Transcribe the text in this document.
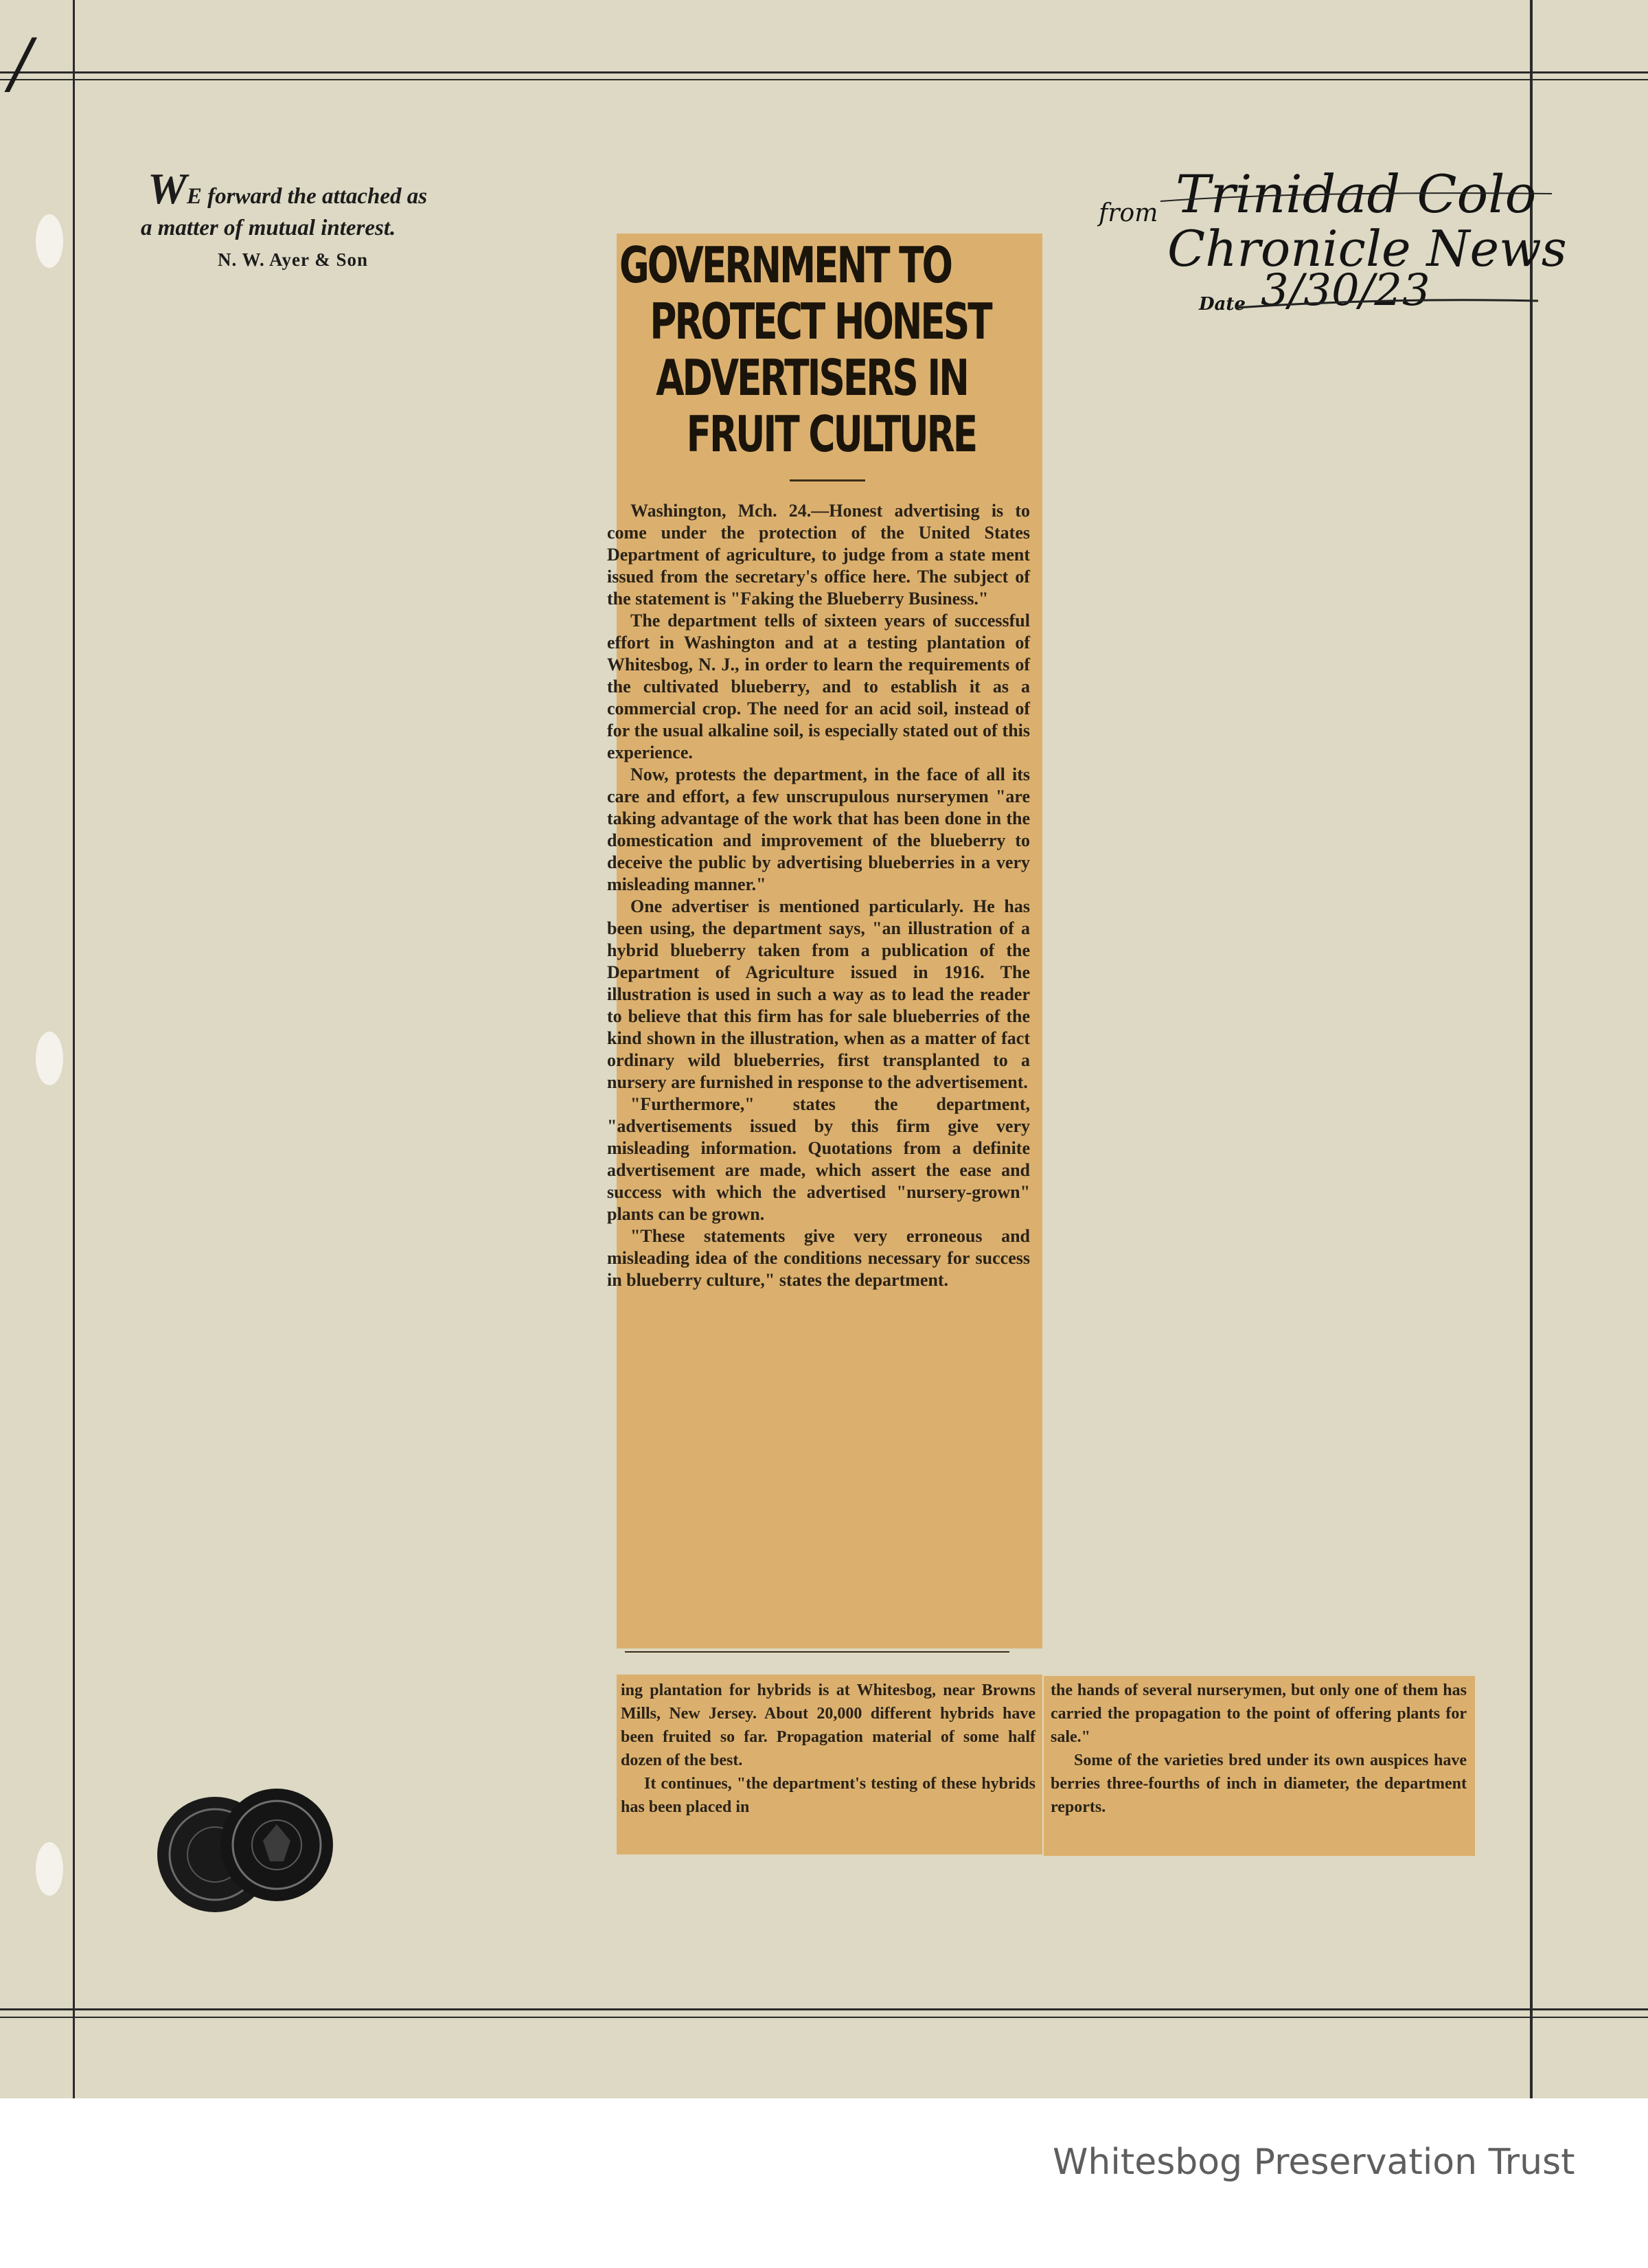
/
WE forward the attached as
a matter of mutual interest.
N. W. Ayer & Son
from Trinidad Colo
Chronicle News
Date 3/30/23
GOVERNMENT TO
PROTECT HONEST
ADVERTISERS IN
FRUIT CULTURE

Washington, Mch. 24.—Honest advertising is to come under the protection of the United States Department of agriculture, to judge from a state ment issued from the secretary's office here. The subject of the statement is "Faking the Blueberry Business."

The department tells of sixteen years of successful effort in Washington and at a testing plantation of Whitesbog, N. J., in order to learn the requirements of the cultivated blueberry, and to establish it as a commercial crop. The need for an acid soil, instead of for the usual alkaline soil, is especially stated out of this experience.

Now, protests the department, in the face of all its care and effort, a few unscrupulous nurserymen "are taking advantage of the work that has been done in the domestication and improvement of the blueberry to deceive the public by advertising blueberries in a very misleading manner."

One advertiser is mentioned particularly. He has been using, the department says, "an illustration of a hybrid blueberry taken from a publication of the Department of Agriculture issued in 1916. The illustration is used in such a way as to lead the reader to believe that this firm has for sale blueberries of the kind shown in the illustration, when as a matter of fact ordinary wild blueberries, first transplanted to a nursery are furnished in response to the advertisement.

"Furthermore," states the department, "advertisements issued by this firm give very misleading information. Quotations from a definite advertisement are made, which assert the ease and success with which the advertised "nursery-grown" plants can be grown.

"These statements give very erroneous and misleading idea of the conditions necessary for success in blueberry culture," states the department.

ing plantation for hybrids is at Whitesbog, near Browns Mills, New Jersey. About 20,000 different hybrids have been fruited so far. Propagation material of some half dozen of the best.

It continues, "the department's testing of these hybrids has been placed in

the hands of several nurserymen, but only one of them has carried the propagation to the point of offering plants for sale."

Some of the varieties bred under its own auspices have berries three-fourths of inch in diameter, the department reports.

Whitesbog Preservation Trust
